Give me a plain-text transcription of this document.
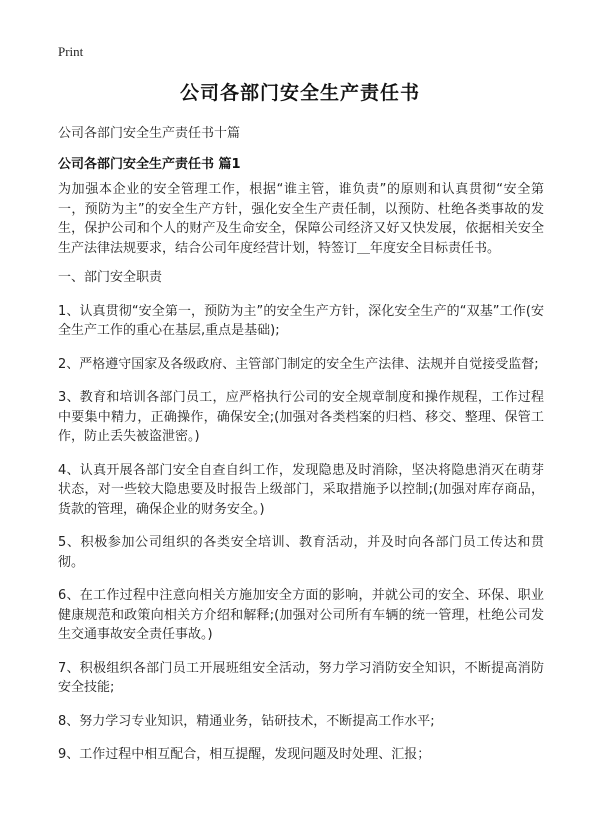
Print
公司各部门安全生产责任书
公司各部门安全生产责任书十篇
公司各部门安全生产责任书 篇1

为加强本企业的安全管理工作，根据“谁主管，谁负责”的原则和认真贯彻“安全第一，预防为主”的安全生产方针，强化安全生产责任制，以预防、杜绝各类事故的发生，保护公司和个人的财产及生命安全，保障公司经济又好又快发展，依据相关安全生产法律法规要求，结合公司年度经营计划，特签订＿年度安全目标责任书。

一、部门安全职责

1、认真贯彻“安全第一，预防为主”的安全生产方针，深化安全生产的“双基”工作(安全生产工作的重心在基层,重点是基础);

2、严格遵守国家及各级政府、主管部门制定的安全生产法律、法规并自觉接受监督;

3、教育和培训各部门员工，应严格执行公司的安全规章制度和操作规程，工作过程中要集中精力，正确操作，确保安全;(加强对各类档案的归档、移交、整理、保管工作，防止丢失被盗泄密。)

4、认真开展各部门安全自查自纠工作，发现隐患及时消除，坚决将隐患消灭在萌芽状态，对一些较大隐患要及时报告上级部门，采取措施予以控制;(加强对库存商品，货款的管理，确保企业的财务安全。)

5、积极参加公司组织的各类安全培训、教育活动，并及时向各部门员工传达和贯彻。

6、在工作过程中注意向相关方施加安全方面的影响，并就公司的安全、环保、职业健康规范和政策向相关方介绍和解释;(加强对公司所有车辆的统一管理，杜绝公司发生交通事故安全责任事故。)

7、积极组织各部门员工开展班组安全活动，努力学习消防安全知识，不断提高消防安全技能;

8、努力学习专业知识，精通业务，钻研技术，不断提高工作水平;

9、工作过程中相互配合，相互提醒，发现问题及时处理、汇报；
